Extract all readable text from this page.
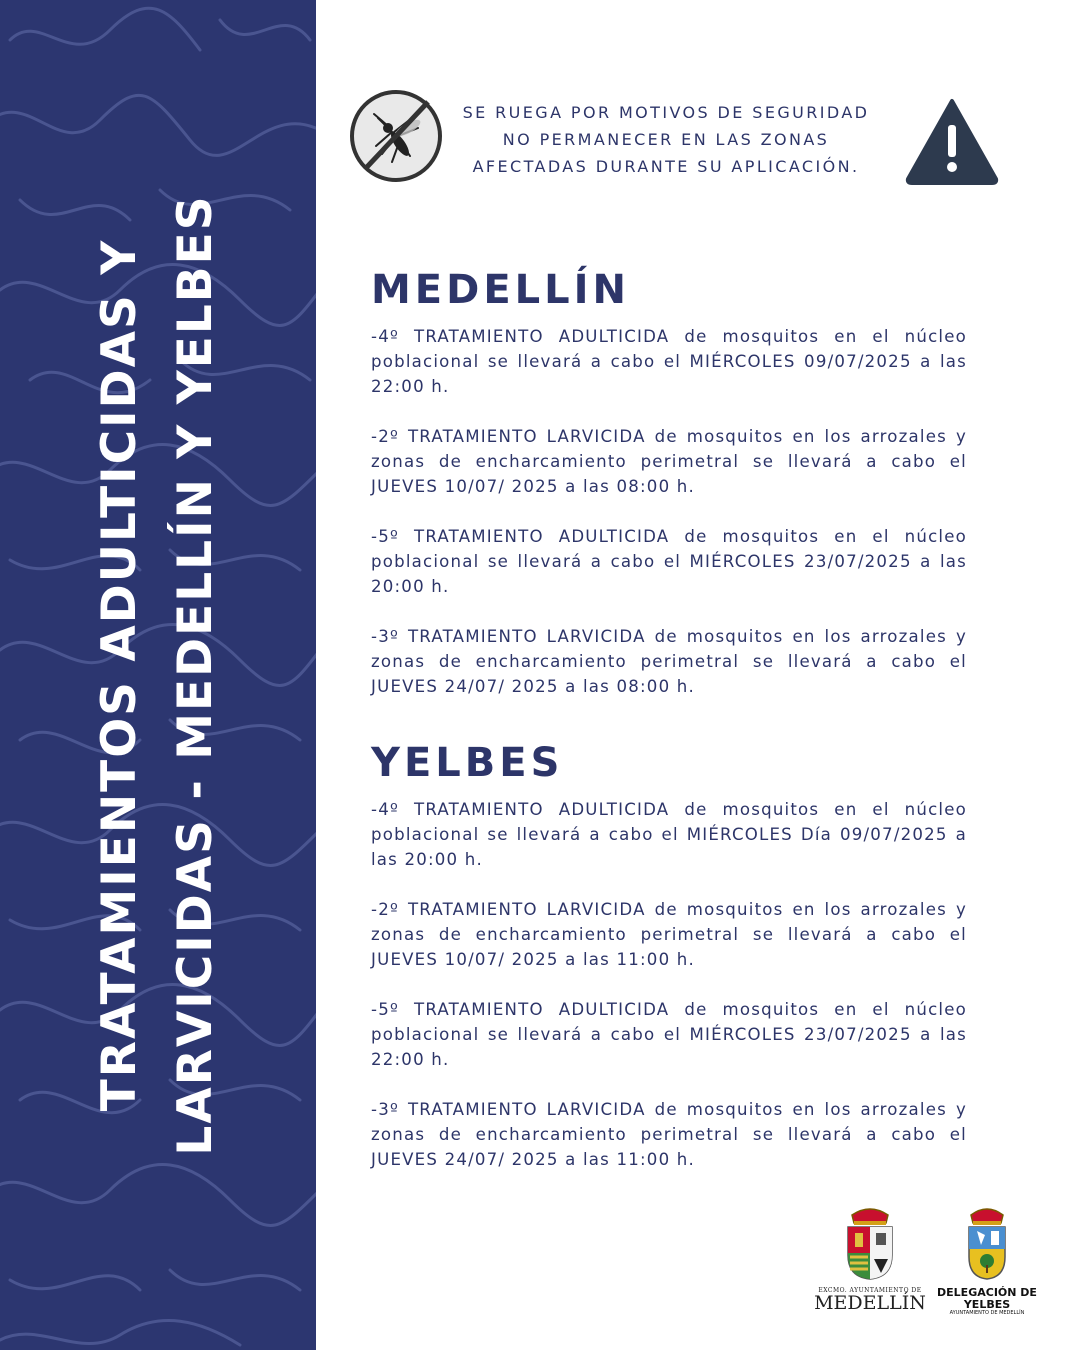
TRATAMIENTOS ADULTICIDAS Y LARVICIDAS - MEDELLÍN Y YELBES
SE RUEGA POR MOTIVOS DE SEGURIDAD
NO PERMANECER EN LAS ZONAS
AFECTADAS DURANTE SU APLICACIÓN.
MEDELLÍN

-4º TRATAMIENTO ADULTICIDA de mosquitos en el núcleo poblacional se llevará a cabo el MIÉRCOLES 09/07/2025 a las 22:00 h.

-2º TRATAMIENTO LARVICIDA de mosquitos en los arrozales y zonas de encharcamiento perimetral se llevará a cabo el JUEVES 10/07/ 2025 a las 08:00 h.

-5º TRATAMIENTO ADULTICIDA de mosquitos en el núcleo poblacional se llevará a cabo el MIÉRCOLES 23/07/2025 a las 20:00 h.

-3º TRATAMIENTO LARVICIDA de mosquitos en los arrozales y zonas de encharcamiento perimetral se llevará a cabo el JUEVES 24/07/ 2025 a las 08:00 h.

YELBES

-4º TRATAMIENTO ADULTICIDA de mosquitos en el núcleo poblacional se llevará a cabo el MIÉRCOLES Día 09/07/2025 a las 20:00 h.

-2º TRATAMIENTO LARVICIDA de mosquitos en los arrozales y zonas de encharcamiento perimetral se llevará a cabo el JUEVES 10/07/ 2025 a las 11:00 h.

-5º TRATAMIENTO ADULTICIDA de mosquitos en el núcleo poblacional se llevará a cabo el MIÉRCOLES 23/07/2025 a las 22:00 h.

-3º TRATAMIENTO LARVICIDA de mosquitos en los arrozales y zonas de encharcamiento perimetral se llevará a cabo el JUEVES 24/07/ 2025 a las 11:00 h.

EXCMO. AYUNTAMIENTO DE
MEDELLÍN	DELEGACIÓN DE
YELBES
AYUNTAMIENTO DE MEDELLÍN
